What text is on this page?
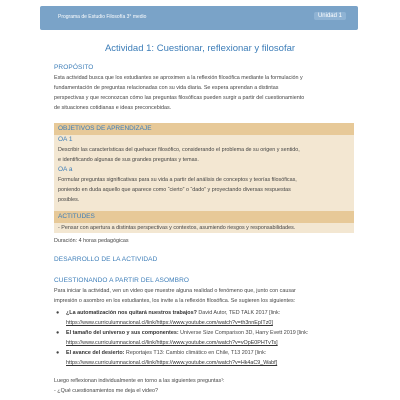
Programa de Estudio Filosofía 3° medio	Unidad 1
Actividad 1: Cuestionar, reflexionar y filosofar
PROPÓSITO
Esta actividad busca que los estudiantes se aproximen a la reflexión filosófica mediante la formulación y
fundamentación de preguntas relacionadas con su vida diaria. Se espera aprendan a distintas
perspectivas y que reconozcan cómo las preguntas filosóficas pueden surgir a partir del cuestionamiento
de situaciones cotidianas e ideas preconcebidas.
OBJETIVOS DE APRENDIZAJE
OA 1
Describir las características del quehacer filosófico, considerando el problema de su origen y sentido,
e identificando algunas de sus grandes preguntas y temas.
OA a
Formular preguntas significativas para su vida a partir del análisis de conceptos y teorías filosóficas,
poniendo en duda aquello que aparece como “cierto” o “dado” y proyectando diversas respuestas
posibles.
ACTITUDES
- Pensar con apertura a distintas perspectivas y contextos, asumiendo riesgos y responsabilidades.
Duración: 4 horas pedagógicas
DESARROLLO DE LA ACTIVIDAD
CUESTIONANDO A PARTIR DEL ASOMBRO
Para iniciar la actividad, ven un video que muestre alguna realidad o fenómeno que, junto con causar
impresión o asombro en los estudiantes, los invite a la reflexión filosófica. Se sugieren los siguientes:
● ¿La automatización nos quitará nuestros trabajos? David Autor, TED TALK 2017 [link:
https://www.curriculumnacional.cl/link/https://www.youtube.com/watch?v=th3nnEpITz0]
● El tamaño del universo y sus componentes: Universe Size Comparison 3D, Harry Evett 2019 [link:
https://www.curriculumnacional.cl/link/https://www.youtube.com/watch?v=vOpE0PHTvTs]
● El avance del desierto: Reportajes T13: Cambio climático en Chile, T13 2017 [link:
https://www.curriculumnacional.cl/link/https://www.youtube.com/watch?v=Hk4aC9_Wabf]
Luego reflexionan individualmente en torno a las siguientes preguntas¹:
- ¿Qué cuestionamientos me deja el video?
